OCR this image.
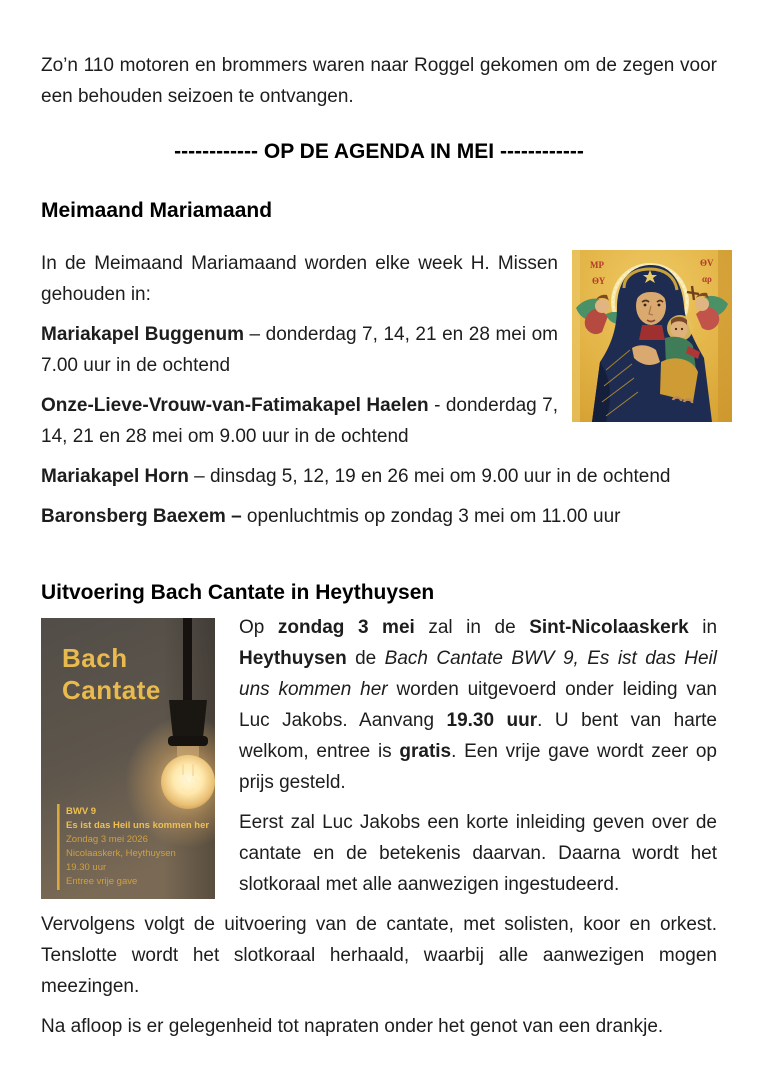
Zo’n 110 motoren en brommers waren naar Roggel gekomen om de zegen voor een behouden seizoen te ontvangen.

------------ OP DE AGENDA IN MEI ------------
Meimaand Mariamaand
MP
ΘΥ
ΘV
αρ

In de Meimaand Mariamaand worden elke week H. Missen gehouden in:

Mariakapel Buggenum – donderdag 7, 14, 21 en 28 mei om 7.00 uur in de ochtend

Onze-Lieve-Vrouw-van-Fatimakapel Haelen - donderdag 7, 14, 21 en 28 mei om 9.00 uur in de ochtend

Mariakapel Horn – dinsdag 5, 12, 19 en 26 mei om 9.00 uur in de ochtend

Baronsberg Baexem – openluchtmis op zondag 3 mei om 11.00 uur

Uitvoering Bach Cantate in Heythuysen
Bach
Cantate
BWV 9
Es ist das Heil uns kommen her
Zondag 3 mei 2026
Nicolaaskerk, Heythuysen
19.30 uur
Entree vrije gave

Op zondag 3 mei zal in de Sint-Nicolaaskerk in Heythuysen de Bach Cantate BWV 9, Es ist das Heil uns kommen her worden uitgevoerd onder leiding van Luc Jakobs. Aanvang 19.30 uur. U bent van harte welkom, entree is gratis. Een vrije gave wordt zeer op prijs gesteld.

Eerst zal Luc Jakobs een korte inleiding geven over de cantate en de betekenis daarvan. Daarna wordt het slotkoraal met alle aanwezigen ingestudeerd.

Vervolgens volgt de uitvoering van de cantate, met solisten, koor en orkest. Tenslotte wordt het slotkoraal herhaald, waarbij alle aanwezigen mogen meezingen.

Na afloop is er gelegenheid tot napraten onder het genot van een drankje.
